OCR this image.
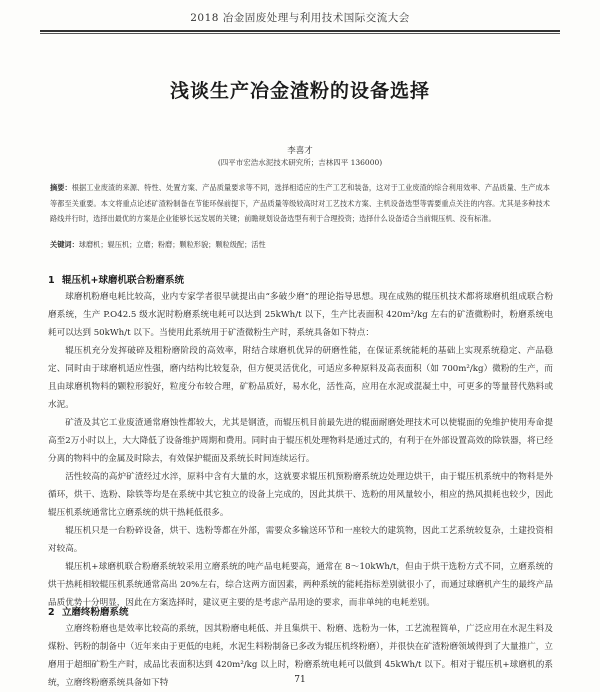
2018 冶金固废处理与利用技术国际交流大会
浅谈生产冶金渣粉的设备选择
李喜才
(四平市宏浩水泥技术研究所；吉林四平 136000)
摘要：根据工业废渣的来源、特性、处置方案、产品质量要求等不同，选择相适应的生产工艺和装备，这对于工业废渣的综合利用效率、产品质量、生产成本等都至关重要。本文将重点论述矿渣粉制备在节能环保前提下，产品质量等级较高时对工艺技术方案、主机设备选型等需要重点关注的内容。尤其是多种技术路线并行时，选择出最优的方案是企业能够长远发展的关键；前瞻规划设备选型有利于合理投资；选择什么设备适合当前辊压机、没有标准。
关键词：球磨机；辊压机；立磨；粉磨；颗粒形貌；颗粒级配；活性
1 辊压机+球磨机联合粉磨系统

球磨机粉磨电耗比较高，业内专家学者很早就提出由“多破少磨”的理论指导思想。现在成熟的辊压机技术都将球磨机组成联合粉磨系统，生产 P.O42.5 级水泥时粉磨系统电耗可以达到 25kWh/t 以下，生产比表面积 420m²/kg 左右的矿渣微粉时，粉磨系统电耗可以达到 50kWh/t 以下。当使用此系统用于矿渣微粉生产时，系统具备如下特点：

辊压机充分发挥破碎及粗粉磨阶段的高效率，附结合球磨机优异的研磨性能，在保证系统能耗的基础上实现系统稳定、产品稳定、同时由于球磨机适应性强，磨内结构比较复杂，但方便灵活优化，可适应多种原料及高表面积（如 700m²/kg）微粉的生产，而且由球磨机物料的颗粒形貌好，粒度分布较合理，矿粉品质好，易水化，活性高，应用在水泥或混凝土中，可更多的等量替代熟料或水泥。

矿渣及其它工业废渣通常磨蚀性都较大，尤其是钢渣，而辊压机目前最先进的辊面耐磨处理技术可以使辊面的免维护使用寿命提高至2万小时以上，大大降低了设备维护周期和费用。同时由于辊压机处理物料是通过式的，有利于在外部设置高效的除铁器，将已经分离的物料中的金属及时除去，有效保护辊面及系统长时间连续运行。

活性较高的高炉矿渣经过水淬，原料中含有大量的水，这就要求辊压机预粉磨系统边处理边烘干，由于辊压机系统中的物料是外循环，烘干、选粉、除铁等均是在系统中其它独立的设备上完成的，因此其烘干、选粉的用风量较小，相应的热风损耗也较少，因此辊压机系统通常比立磨系统的烘干热耗低很多。

辊压机只是一台粉碎设备，烘干、选粉等都在外部，需要众多输送环节和一座较大的建筑物，因此工艺系统较复杂，土建投资相对较高。

辊压机+球磨机联合粉磨系统较采用立磨系统的吨产品电耗要高，通常在 8～10kWh/t，但由于烘干选粉方式不同，立磨系统的烘干热耗相较辊压机系统通常高出 20%左右，综合这两方面因素，两种系统的能耗指标差别就很小了，而通过球磨机产生的最终产品品质优势十分明显，因此在方案选择时，建议更主要的是考虑产品用途的要求，而非单纯的电耗差别。

2 立磨终粉磨系统

立磨终粉磨也是效率比较高的系统，因其粉磨电耗低、并且集烘干、粉磨、选粉为一体，工艺流程简单，广泛应用在水泥生料及煤粉、钙粉的制备中（近年来由于更低的电耗，水泥生料粉制备已多改为辊压机终粉磨），并很快在矿渣粉磨领域得到了大量推广，立磨用于超细矿粉生产时，成品比表面积达到 420m²/kg 以上时，粉磨系统电耗可以做到 45kWh/t 以下。相对于辊压机+球磨机的系统，立磨终粉磨系统具备如下特	71
